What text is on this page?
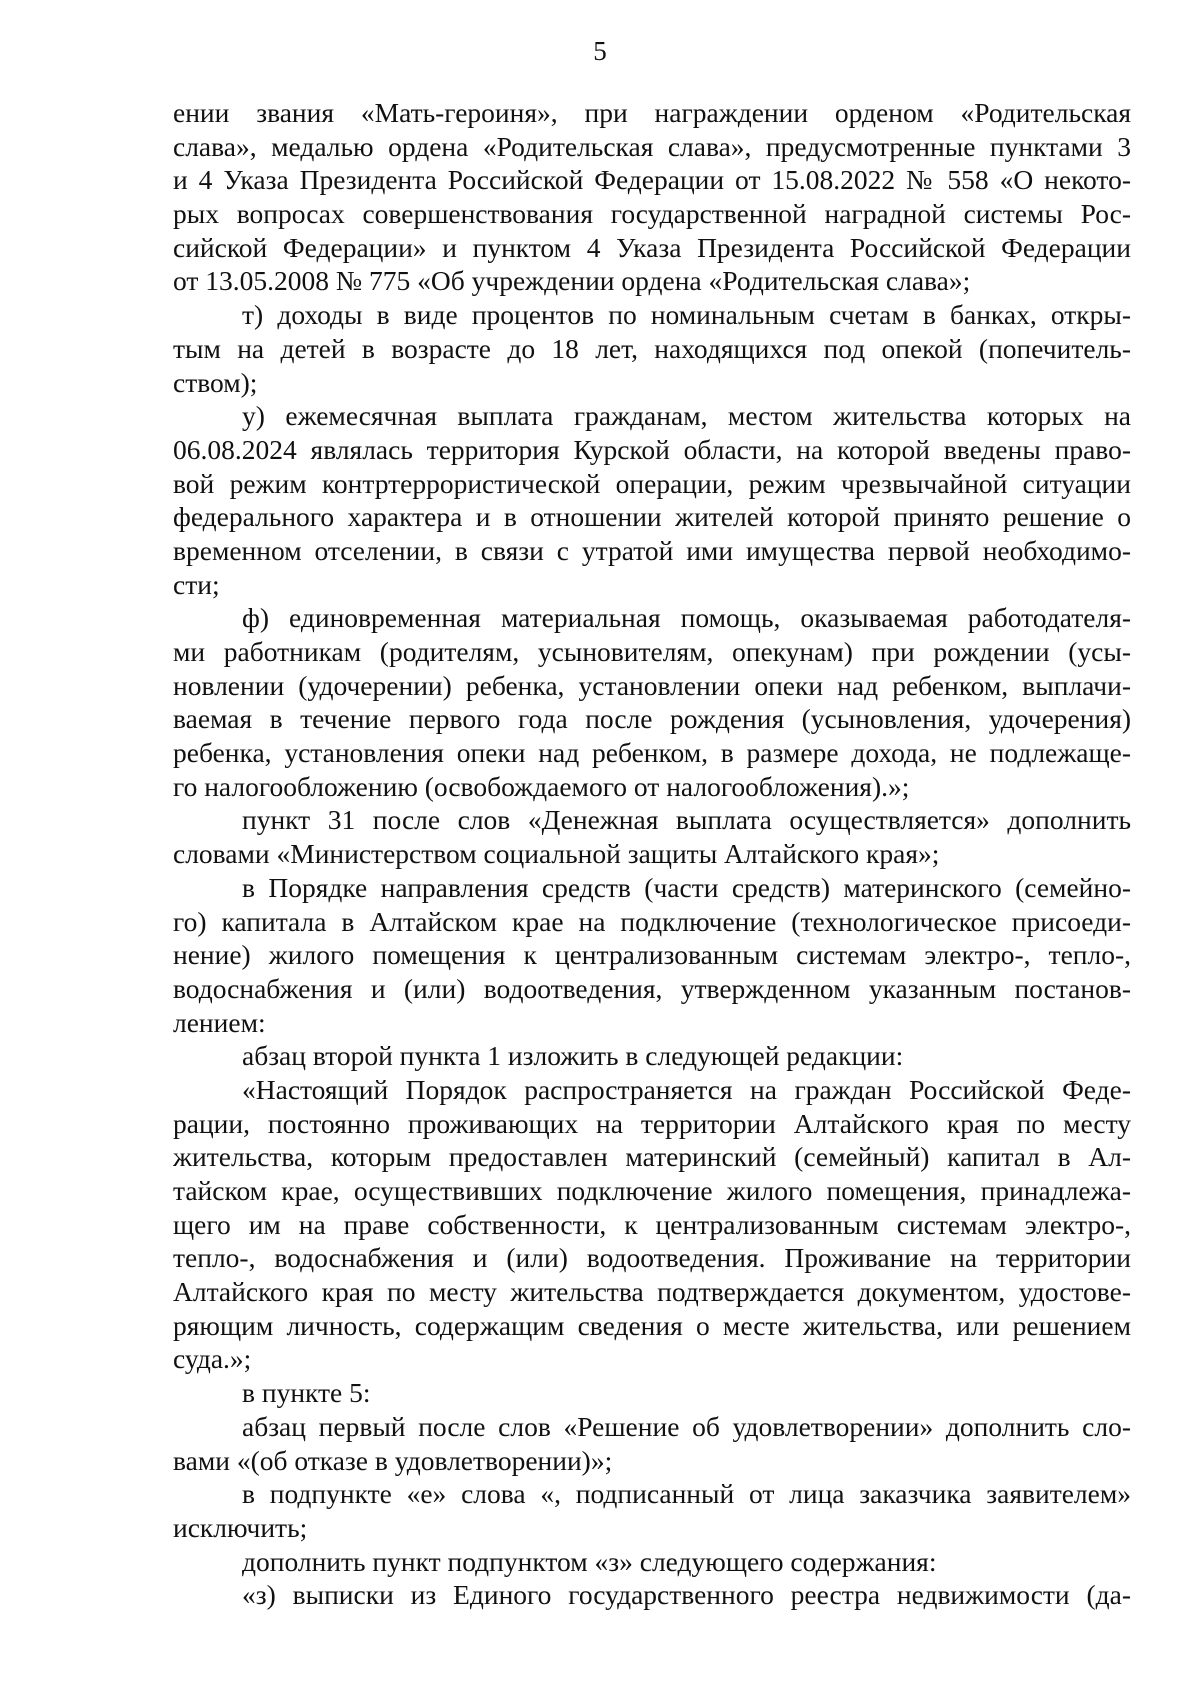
5
ении звания «Мать-героиня», при награждении орденом «Родительская
слава», медалью ордена «Родительская слава», предусмотренные пунктами 3
и 4 Указа Президента Российской Федерации от 15.08.2022 № 558 «О некото-
рых вопросах совершенствования государственной наградной системы Рос-
сийской Федерации» и пунктом 4 Указа Президента Российской Федерации
от 13.05.2008 № 775 «Об учреждении ордена «Родительская слава»;
т) доходы в виде процентов по номинальным счетам в банках, откры-
тым на детей в возрасте до 18 лет, находящихся под опекой (попечитель-
ством);
у) ежемесячная выплата гражданам, местом жительства которых на
06.08.2024 являлась территория Курской области, на которой введены право-
вой режим контртеррористической операции, режим чрезвычайной ситуации
федерального характера и в отношении жителей которой принято решение о
временном отселении, в связи с утратой ими имущества первой необходимо-
сти;
ф) единовременная материальная помощь, оказываемая работодателя-
ми работникам (родителям, усыновителям, опекунам) при рождении (усы-
новлении (удочерении) ребенка, установлении опеки над ребенком, выплачи-
ваемая в течение первого года после рождения (усыновления, удочерения)
ребенка, установления опеки над ребенком, в размере дохода, не подлежаще-
го налогообложению (освобождаемого от налогообложения).»;
пункт 31 после слов «Денежная выплата осуществляется» дополнить
словами «Министерством социальной защиты Алтайского края»;
в Порядке направления средств (части средств) материнского (семейно-
го) капитала в Алтайском крае на подключение (технологическое присоеди-
нение) жилого помещения к централизованным системам электро-, тепло-,
водоснабжения и (или) водоотведения, утвержденном указанным постанов-
лением:
абзац второй пункта 1 изложить в следующей редакции:
«Настоящий Порядок распространяется на граждан Российской Феде-
рации, постоянно проживающих на территории Алтайского края по месту
жительства, которым предоставлен материнский (семейный) капитал в Ал-
тайском крае, осуществивших подключение жилого помещения, принадлежа-
щего им на праве собственности, к централизованным системам электро-,
тепло-, водоснабжения и (или) водоотведения. Проживание на территории
Алтайского края по месту жительства подтверждается документом, удостове-
ряющим личность, содержащим сведения о месте жительства, или решением
суда.»;
в пункте 5:
абзац первый после слов «Решение об удовлетворении» дополнить сло-
вами «(об отказе в удовлетворении)»;
в подпункте «е» слова «, подписанный от лица заказчика заявителем»
исключить;
дополнить пункт подпунктом «з» следующего содержания:
«з) выписки из Единого государственного реестра недвижимости (да-
